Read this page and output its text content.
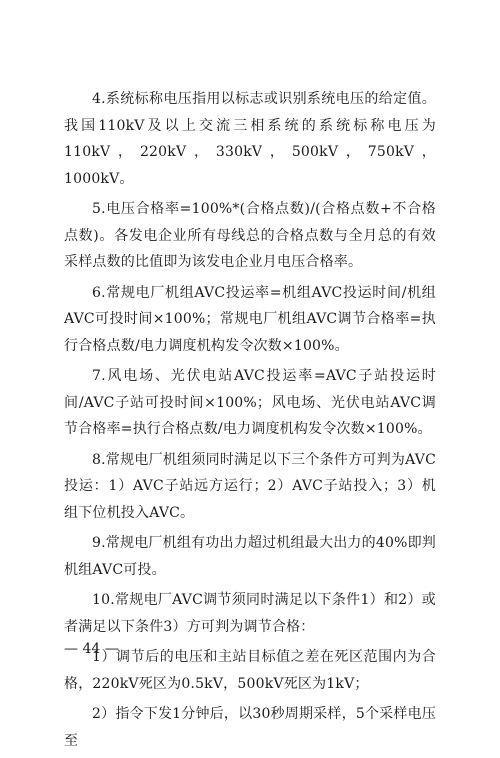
4.系统标称电压指用以标志或识别系统电压的给定值。我国110kV及以上交流三相系统的系统标称电压为110kV，220kV，330kV，500kV，750kV，1000kV。

5.电压合格率=100%*(合格点数)/(合格点数+不合格点数)。各发电企业所有母线总的合格点数与全月总的有效采样点数的比值即为该发电企业月电压合格率。

6.常规电厂机组AVC投运率=机组AVC投运时间/机组AVC可投时间×100%；常规电厂机组AVC调节合格率=执行合格点数/电力调度机构发令次数×100%。

7.风电场、光伏电站AVC投运率=AVC子站投运时间/AVC子站可投时间×100%；风电场、光伏电站AVC调节合格率=执行合格点数/电力调度机构发令次数×100%。

8.常规电厂机组须同时满足以下三个条件方可判为AVC投运：1）AVC子站远方运行；2）AVC子站投入；3）机组下位机投入AVC。

9.常规电厂机组有功出力超过机组最大出力的40%即判机组AVC可投。

10.常规电厂AVC调节须同时满足以下条件1）和2）或者满足以下条件3）方可判为调节合格：

1）调节后的电压和主站目标值之差在死区范围内为合格，220kV死区为0.5kV，500kV死区为1kV；

2）指令下发1分钟后，以30秒周期采样，5个采样电压至

— 44 —
